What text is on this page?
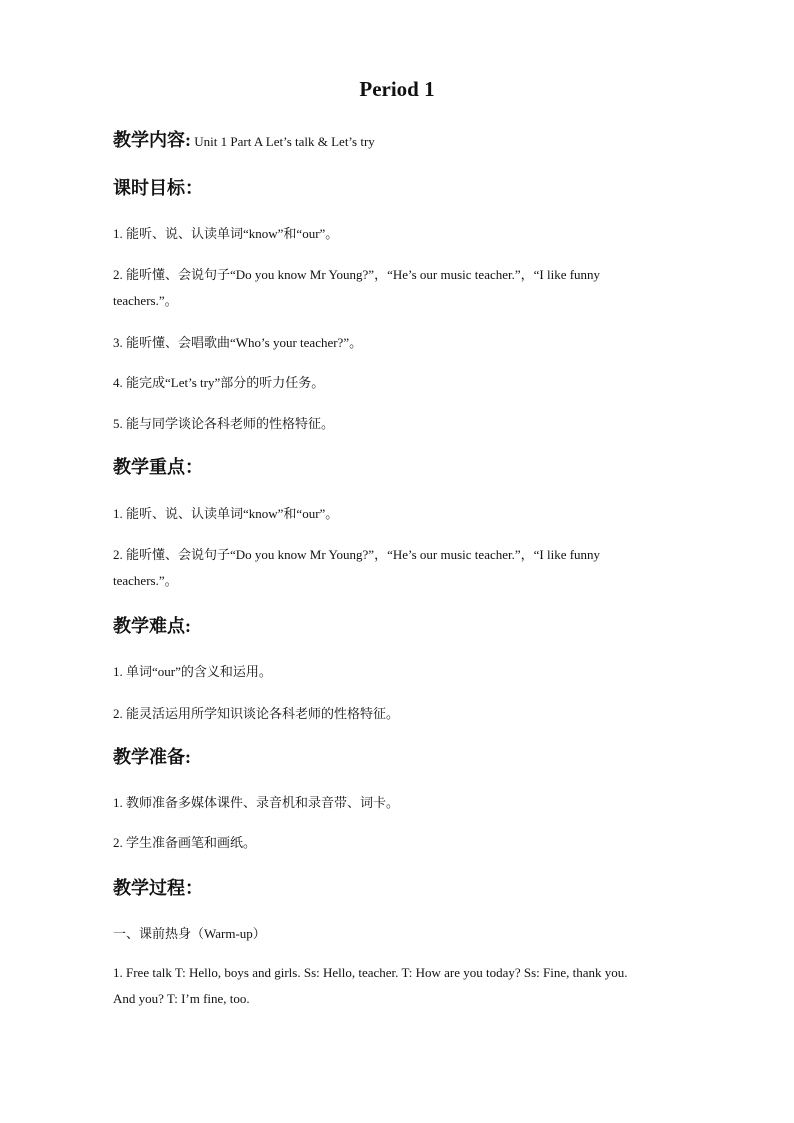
Period 1
教学内容: Unit 1 Part A Let’s talk & Let’s try
课时目标：
1. 能听、说、认读单词“know”和“our”。
2. 能听懂、会说句子“Do you know Mr Young?”，“He’s our music teacher.”，“I like funny
teachers.”。
3. 能听懂、会唱歌曲“Who’s your teacher?”。
4. 能完成“Let’s try”部分的听力任务。
5. 能与同学谈论各科老师的性格特征。
教学重点：
1. 能听、说、认读单词“know”和“our”。
2. 能听懂、会说句子“Do you know Mr Young?”，“He’s our music teacher.”，“I like funny
teachers.”。
教学难点:
1. 单词“our”的含义和运用。
2. 能灵活运用所学知识谈论各科老师的性格特征。
教学准备:
1. 教师准备多媒体课件、录音机和录音带、词卡。
2. 学生准备画笔和画纸。
教学过程：
一、课前热身（Warm-up）
1. Free talk T: Hello, boys and girls. Ss: Hello, teacher. T: How are you today? Ss: Fine, thank you.
And you? T: I’m fine, too.
